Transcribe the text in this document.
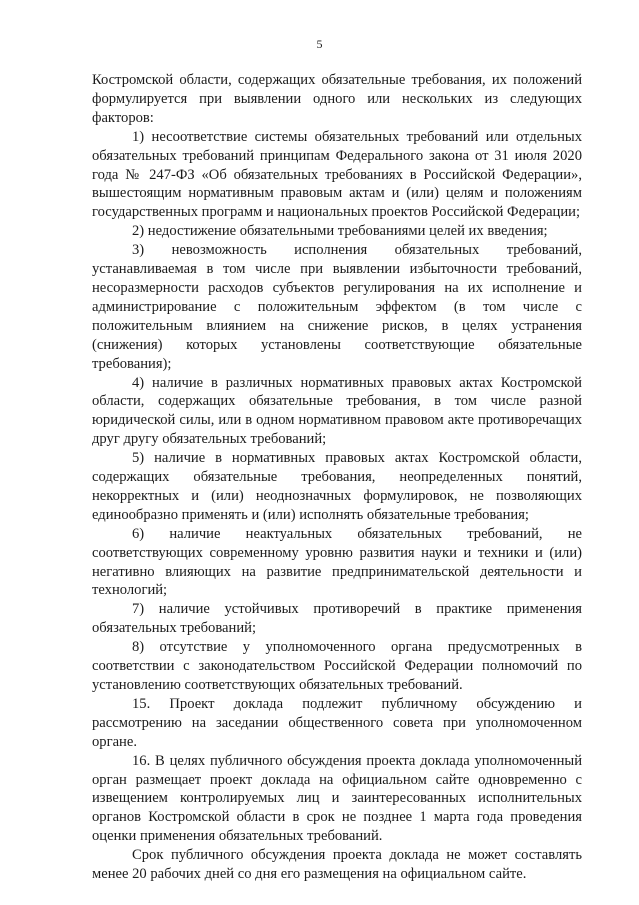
5

Костромской области, содержащих обязательные требования, их положений формулируется при выявлении одного или нескольких из следующих факторов:

1) несоответствие системы обязательных требований или отдельных обязательных требований принципам Федерального закона от 31 июля 2020 года № 247-ФЗ «Об обязательных требованиях в Российской Федерации», вышестоящим нормативным правовым актам и (или) целям и положениям государственных программ и национальных проектов Российской Федерации;

2) недостижение обязательными требованиями целей их введения;

3) невозможность исполнения обязательных требований, устанавливаемая в том числе при выявлении избыточности требований, несоразмерности расходов субъектов регулирования на их исполнение и администрирование с положительным эффектом (в том числе с положительным влиянием на снижение рисков, в целях устранения (снижения) которых установлены соответствующие обязательные требования);

4) наличие в различных нормативных правовых актах Костромской области, содержащих обязательные требования, в том числе разной юридической силы, или в одном нормативном правовом акте противоречащих друг другу обязательных требований;

5) наличие в нормативных правовых актах Костромской области, содержащих обязательные требования, неопределенных понятий, некорректных и (или) неоднозначных формулировок, не позволяющих единообразно применять и (или) исполнять обязательные требования;

6) наличие неактуальных обязательных требований, не соответствующих современному уровню развития науки и техники и (или) негативно влияющих на развитие предпринимательской деятельности и технологий;

7) наличие устойчивых противоречий в практике применения обязательных требований;

8) отсутствие у уполномоченного органа предусмотренных в соответствии с законодательством Российской Федерации полномочий по установлению соответствующих обязательных требований.

15. Проект доклада подлежит публичному обсуждению и рассмотрению на заседании общественного совета при уполномоченном органе.

16. В целях публичного обсуждения проекта доклада уполномоченный орган размещает проект доклада на официальном сайте одновременно с извещением контролируемых лиц и заинтересованных исполнительных органов Костромской области в срок не позднее 1 марта года проведения оценки применения обязательных требований.

Срок публичного обсуждения проекта доклада не может составлять менее 20 рабочих дней со дня его размещения на официальном сайте.
